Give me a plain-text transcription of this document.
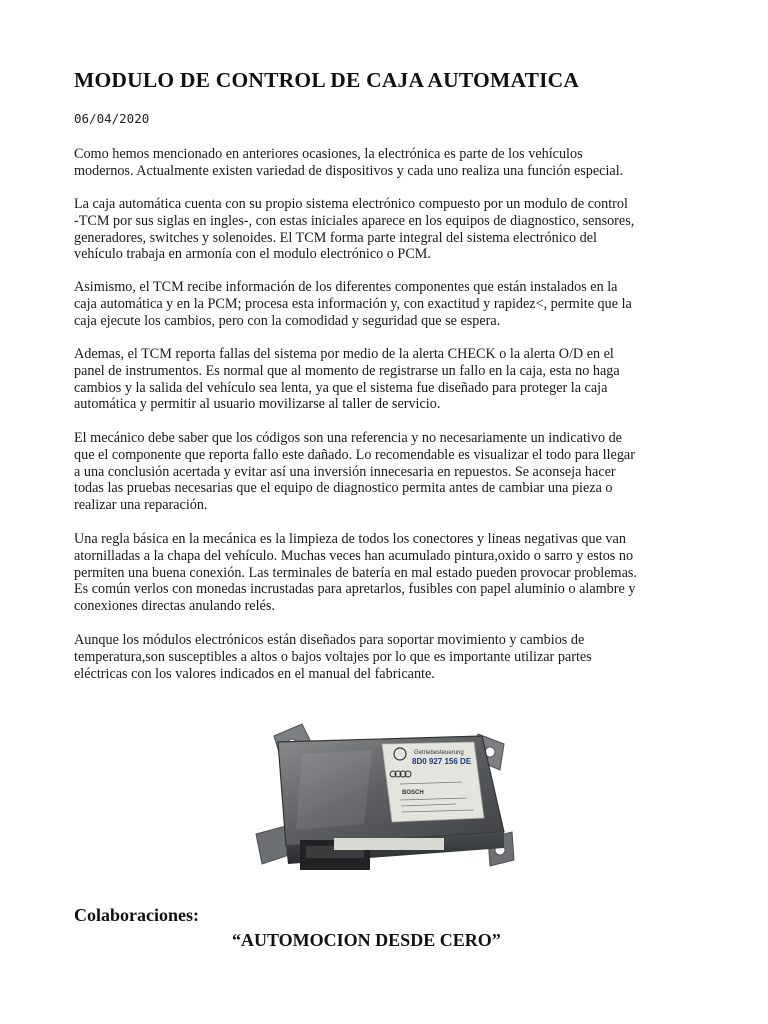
MODULO DE CONTROL DE CAJA AUTOMATICA
06/04/2020

Como hemos mencionado en anteriores ocasiones, la electrónica es parte de los vehículos
modernos. Actualmente existen variedad de dispositivos y cada uno realiza una función especial.

La caja automática cuenta con su propio sistema electrónico compuesto por un modulo de control
-TCM por sus siglas en ingles-, con estas iniciales aparece en los equipos de diagnostico, sensores,
generadores, switches y solenoides. El TCM forma parte integral del sistema electrónico del
vehículo trabaja en armonía con el modulo electrónico o PCM.

Asimismo, el TCM recibe información de los diferentes componentes que están instalados en la
caja automática y en la PCM; procesa esta información y, con exactitud y rapidez<, permite que la
caja ejecute los cambios, pero con la comodidad y seguridad que se espera.

Ademas, el TCM reporta fallas del sistema por medio de la alerta CHECK o la alerta O/D en el
panel de instrumentos. Es normal que al momento de registrarse un fallo en la caja, esta no haga
cambios y la salida del vehículo sea lenta, ya que el sistema fue diseñado para proteger la caja
automática y permitir al usuario movilizarse al taller de servicio.

El mecánico debe saber que los códigos son una referencia y no necesariamente un indicativo de
que el componente que reporta fallo este dañado. Lo recomendable es visualizar el todo para llegar
a una conclusión acertada y evitar así una inversión innecesaria en repuestos. Se aconseja hacer
todas las pruebas necesarias que el equipo de diagnostico permita antes de cambiar una pieza o
realizar una reparación.

Una regla básica en la mecánica es la limpieza de todos los conectores y lineas negativas que van
atornilladas a la chapa del vehículo. Muchas veces han acumulado pintura,oxido o sarro y estos no
permiten una buena conexión. Las terminales de batería en mal estado pueden provocar problemas.
Es común verlos con monedas incrustadas para apretarlos, fusibles con papel aluminio o alambre y
conexiones directas anulando relés.

Aunque los módulos electrónicos están diseñados para soportar movimiento y cambios de
temperatura,son susceptibles a altos o bajos voltajes por lo que es importante utilizar partes
eléctricas con los valores indicados en el manual del fabricante.

Getriebesteuerung
8D0 927 156 DE
BOSCH
Colaboraciones:
“AUTOMOCION DESDE CERO”
